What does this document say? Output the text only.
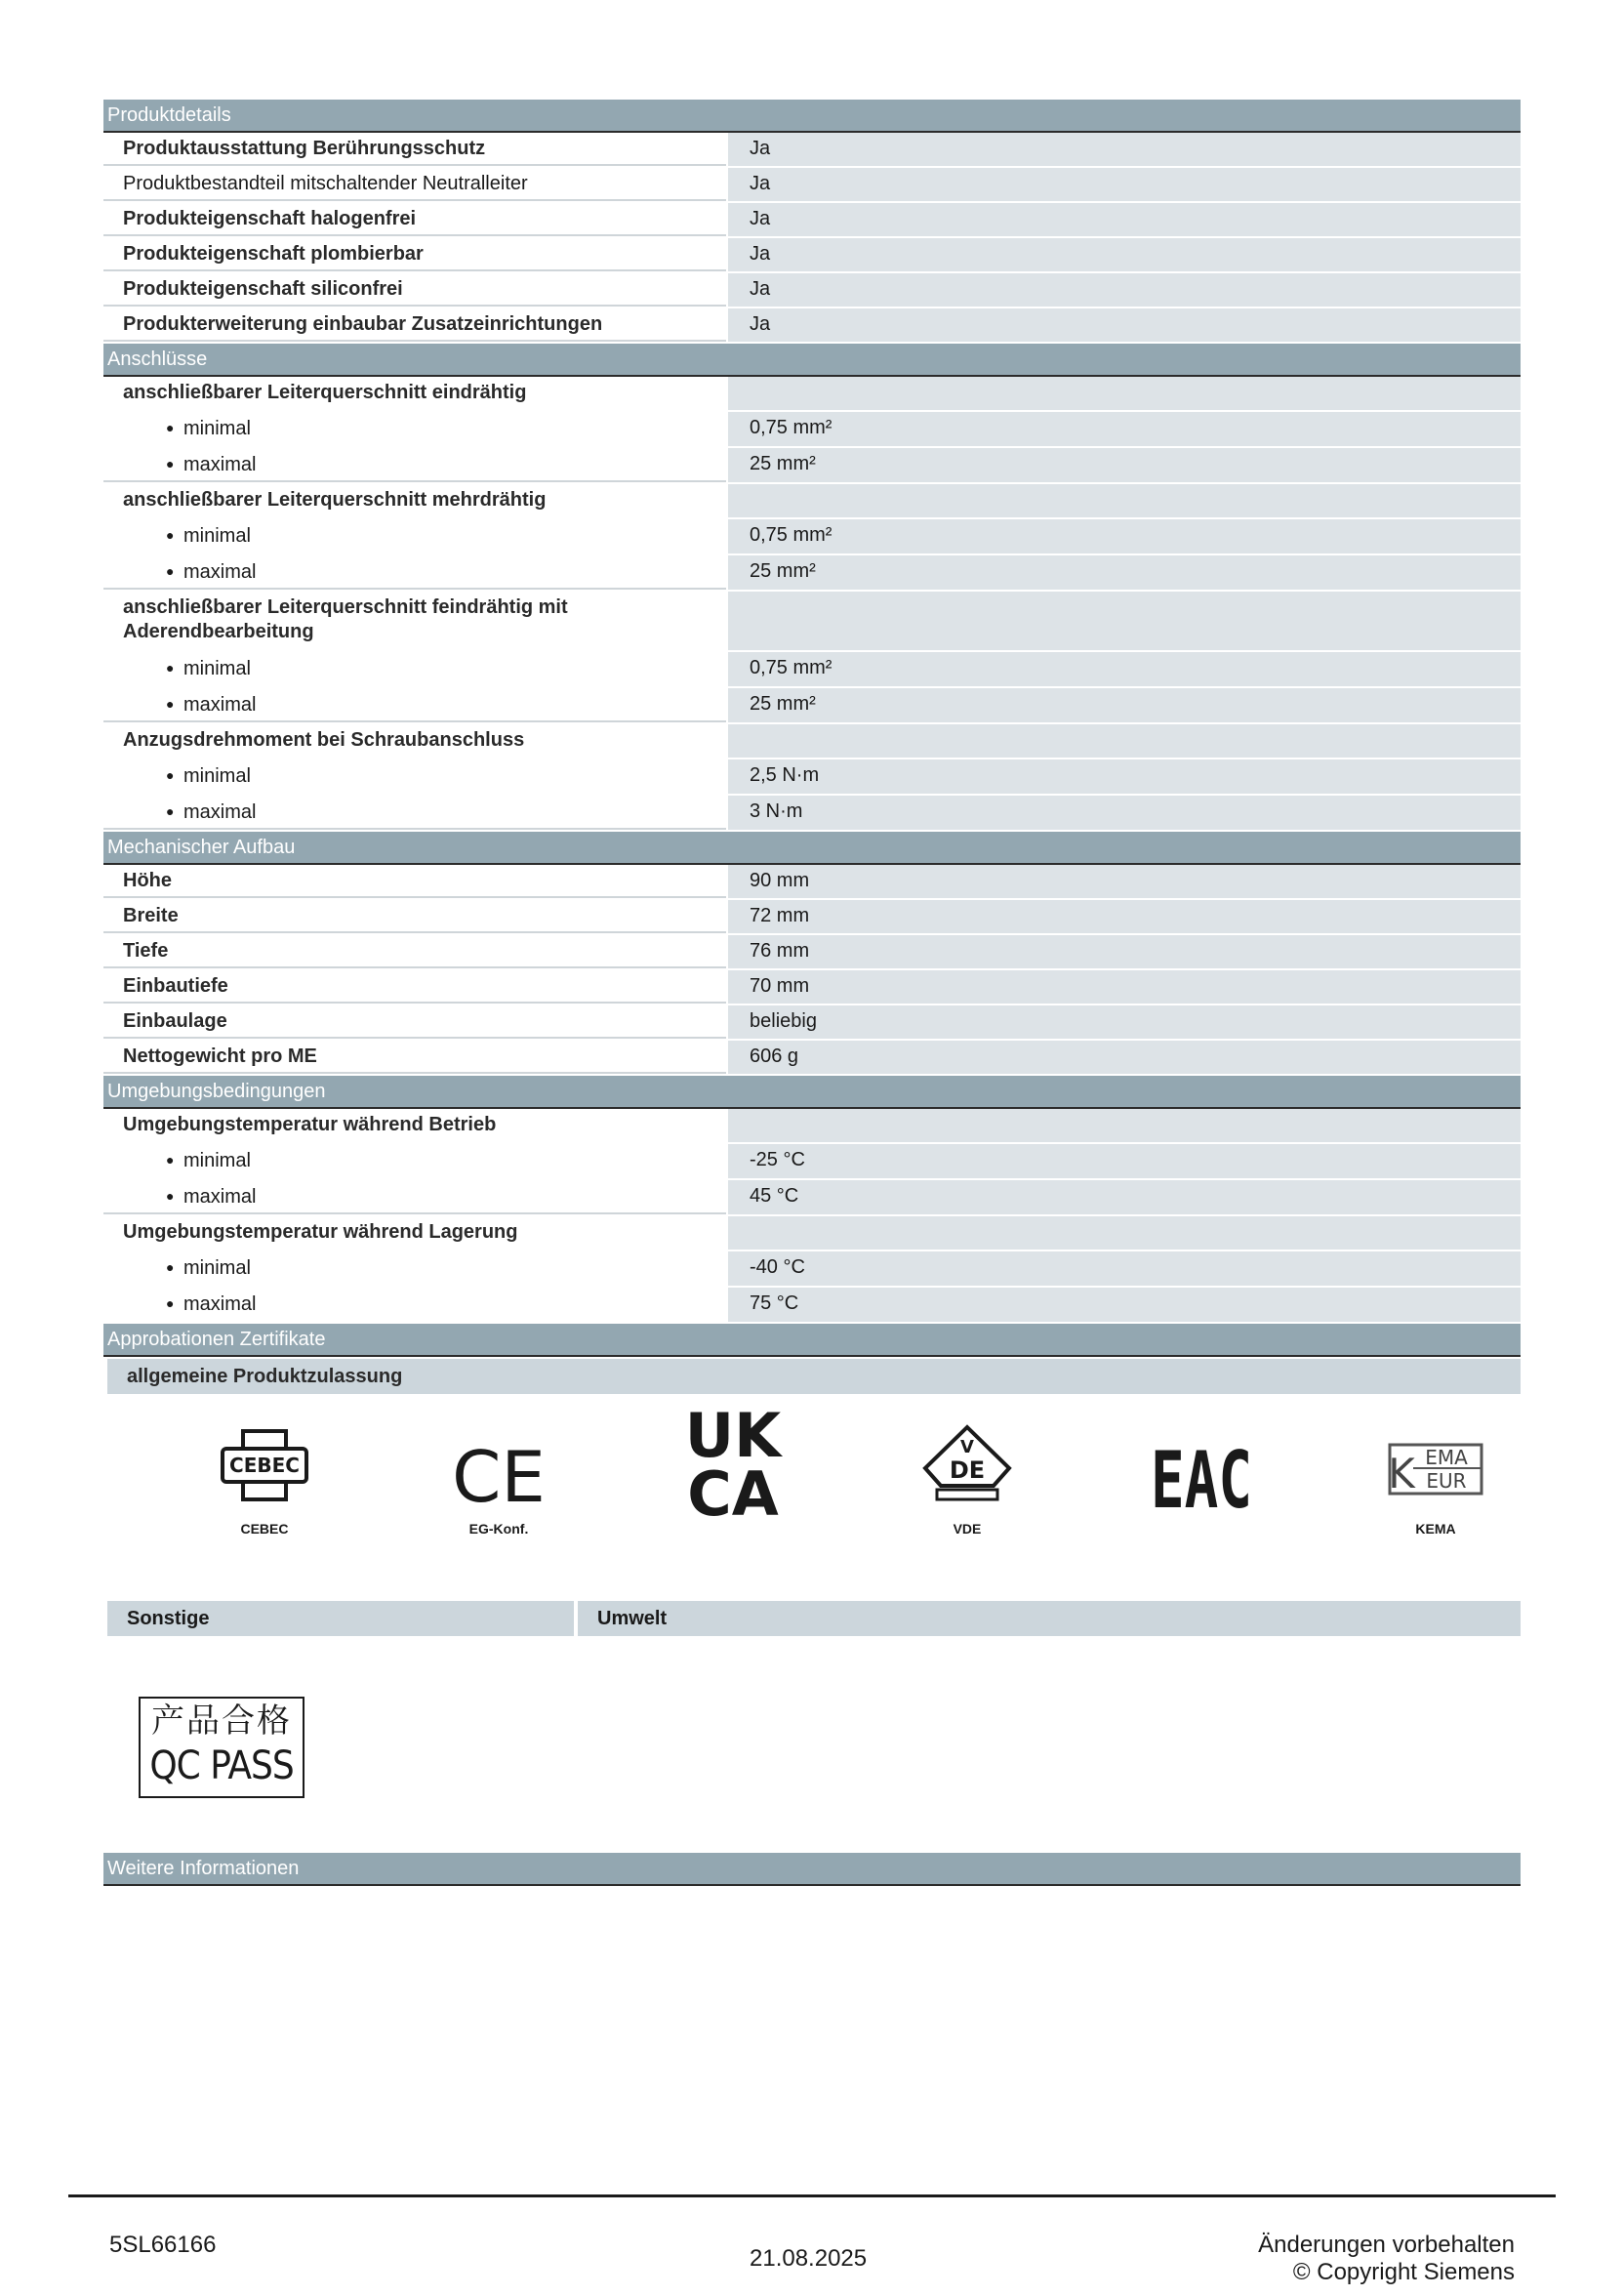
Produktdetails
Produktausstattung Berührungsschutz	Ja
Produktbestandteil mitschaltender Neutralleiter	Ja
Produkteigenschaft halogenfrei	Ja
Produkteigenschaft plombierbar	Ja
Produkteigenschaft siliconfrei	Ja
Produkterweiterung einbaubar Zusatzeinrichtungen	Ja
Anschlüsse
anschließbarer Leiterquerschnitt eindrähtig
● minimal	0,75 mm²
● maximal	25 mm²
anschließbarer Leiterquerschnitt mehrdrähtig
● minimal	0,75 mm²
● maximal	25 mm²
anschließbarer Leiterquerschnitt feindrähtig mit Aderendbearbeitung
● minimal	0,75 mm²
● maximal	25 mm²
Anzugsdrehmoment bei Schraubanschluss
● minimal	2,5 N·m
● maximal	3 N·m
Mechanischer Aufbau
Höhe	90 mm
Breite	72 mm
Tiefe	76 mm
Einbautiefe	70 mm
Einbaulage	beliebig
Nettogewicht pro ME	606 g
Umgebungsbedingungen
Umgebungstemperatur während Betrieb
● minimal	-25 °C
● maximal	45 °C
Umgebungstemperatur während Lagerung
● minimal	-40 °C
● maximal	75 °C
Approbationen Zertifikate
allgemeine Produktzulassung
CEBEC
CEBEC
CE
EG-Konf.
UK
CA
V
DE
VDE
EAC	K EMA
EUR
KEMA
Sonstige	Umwelt
产品合格
QC PASS
Weitere Informationen
5SL66166
21.08.2025
Änderungen vorbehalten
© Copyright Siemens
